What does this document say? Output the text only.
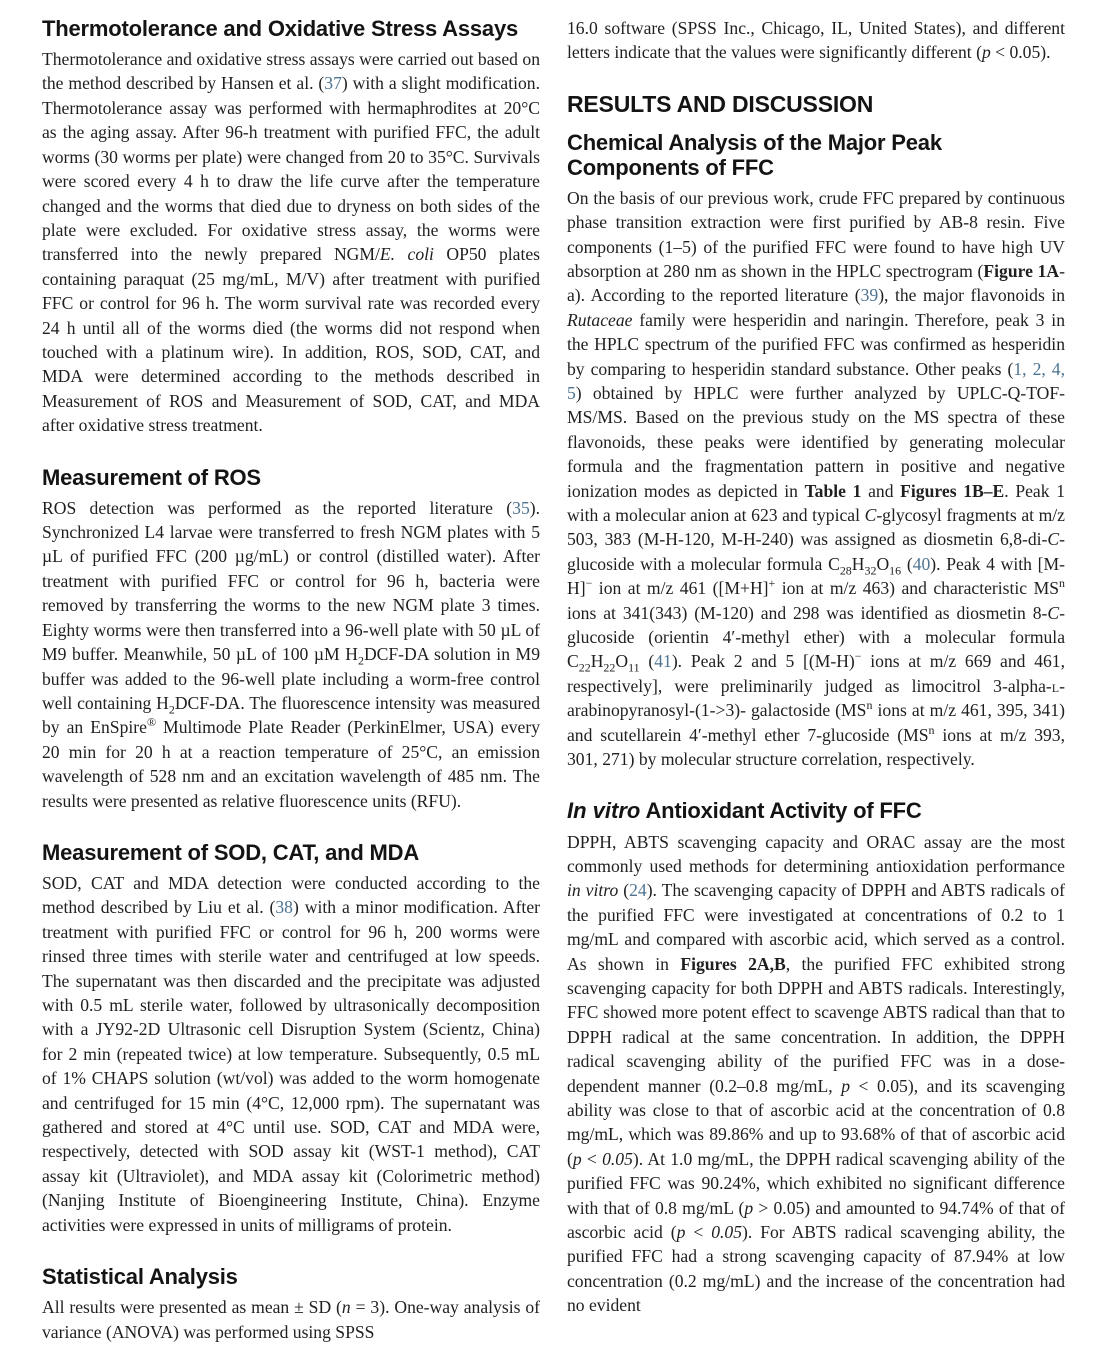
Thermotolerance and Oxidative Stress Assays

Thermotolerance and oxidative stress assays were carried out based on the method described by Hansen et al. (37) with a slight modification. Thermotolerance assay was performed with hermaphrodites at 20°C as the aging assay. After 96-h treatment with purified FFC, the adult worms (30 worms per plate) were changed from 20 to 35°C. Survivals were scored every 4 h to draw the life curve after the temperature changed and the worms that died due to dryness on both sides of the plate were excluded. For oxidative stress assay, the worms were transferred into the newly prepared NGM/E. coli OP50 plates containing paraquat (25 mg/mL, M/V) after treatment with purified FFC or control for 96 h. The worm survival rate was recorded every 24 h until all of the worms died (the worms did not respond when touched with a platinum wire). In addition, ROS, SOD, CAT, and MDA were determined according to the methods described in Measurement of ROS and Measurement of SOD, CAT, and MDA after oxidative stress treatment.

Measurement of ROS

ROS detection was performed as the reported literature (35). Synchronized L4 larvae were transferred to fresh NGM plates with 5 µL of purified FFC (200 µg/mL) or control (distilled water). After treatment with purified FFC or control for 96 h, bacteria were removed by transferring the worms to the new NGM plate 3 times. Eighty worms were then transferred into a 96-well plate with 50 µL of M9 buffer. Meanwhile, 50 µL of 100 µM $H_2DCF-DA$ solution in M9 buffer was added to the 96-well plate including a worm-free control well containing $H_2DCF-DA$. The fluorescence intensity was measured by an EnSpire® Multimode Plate Reader (PerkinElmer, USA) every 20 min for 20 h at a reaction temperature of 25°C, an emission wavelength of 528 nm and an excitation wavelength of 485 nm. The results were presented as relative fluorescence units (RFU).

Measurement of SOD, CAT, and MDA

SOD, CAT and MDA detection were conducted according to the method described by Liu et al. (38) with a minor modification. After treatment with purified FFC or control for 96 h, 200 worms were rinsed three times with sterile water and centrifuged at low speeds. The supernatant was then discarded and the precipitate was adjusted with 0.5 mL sterile water, followed by ultrasonically decomposition with a JY92-2D Ultrasonic cell Disruption System (Scientz, China) for 2 min (repeated twice) at low temperature. Subsequently, 0.5 mL of 1% CHAPS solution (wt/vol) was added to the worm homogenate and centrifuged for 15 min (4°C, 12,000 rpm). The supernatant was gathered and stored at 4°C until use. SOD, CAT and MDA were, respectively, detected with SOD assay kit (WST-1 method), CAT assay kit (Ultraviolet), and MDA assay kit (Colorimetric method) (Nanjing Institute of Bioengineering Institute, China). Enzyme activities were expressed in units of milligrams of protein.

Statistical Analysis

All results were presented as mean ± SD (n = 3). One-way analysis of variance (ANOVA) was performed using SPSS

16.0 software (SPSS Inc., Chicago, IL, United States), and different letters indicate that the values were significantly different (p < 0.05).

RESULTS AND DISCUSSION
Chemical Analysis of the Major Peak Components of FFC

On the basis of our previous work, crude FFC prepared by continuous phase transition extraction were first purified by AB-8 resin. Five components (1–5) of the purified FFC were found to have high UV absorption at 280 nm as shown in the HPLC spectrogram (Figure 1A-a). According to the reported literature (39), the major flavonoids in Rutaceae family were hesperidin and naringin. Therefore, peak 3 in the HPLC spectrum of the purified FFC was confirmed as hesperidin by comparing to hesperidin standard substance. Other peaks (1, 2, 4, 5) obtained by HPLC were further analyzed by UPLC-Q-TOF-MS/MS. Based on the previous study on the MS spectra of these flavonoids, these peaks were identified by generating molecular formula and the fragmentation pattern in positive and negative ionization modes as depicted in Table 1 and Figures 1B–E. Peak 1 with a molecular anion at 623 and typical C-glycosyl fragments at m/z 503, 383 (M-H-120, M-H-240) was assigned as diosmetin 6,8-di-C-glucoside with a molecular formula $C_{28}H_{32}O_{16}$ (40). Peak 4 with [M-H]− ion at m/z 461 ([M+H]+ ion at m/z 463) and characteristic $MS^n$ ions at 341(343) (M-120) and 298 was identified as diosmetin 8-C-glucoside (orientin 4′-methyl ether) with a molecular formula $C_{22}H_{22}O_{11}$ (41). Peak 2 and 5 [(M-H)− ions at m/z 669 and 461, respectively], were preliminarily judged as limocitrol 3-alpha-l-arabinopyranosyl-(1->3)- galactoside ($MS^n$ ions at m/z 461, 395, 341) and scutellarein 4′-methyl ether 7-glucoside ($MS^n$ ions at m/z 393, 301, 271) by molecular structure correlation, respectively.

In vitro Antioxidant Activity of FFC

DPPH, ABTS scavenging capacity and ORAC assay are the most commonly used methods for determining antioxidation performance in vitro (24). The scavenging capacity of DPPH and ABTS radicals of the purified FFC were investigated at concentrations of 0.2 to 1 mg/mL and compared with ascorbic acid, which served as a control. As shown in Figures 2A,B, the purified FFC exhibited strong scavenging capacity for both DPPH and ABTS radicals. Interestingly, FFC showed more potent effect to scavenge ABTS radical than that to DPPH radical at the same concentration. In addition, the DPPH radical scavenging ability of the purified FFC was in a dose-dependent manner (0.2–0.8 mg/mL, p < 0.05), and its scavenging ability was close to that of ascorbic acid at the concentration of 0.8 mg/mL, which was 89.86% and up to 93.68% of that of ascorbic acid (p < 0.05). At 1.0 mg/mL, the DPPH radical scavenging ability of the purified FFC was 90.24%, which exhibited no significant difference with that of 0.8 mg/mL (p > 0.05) and amounted to 94.74% of that of ascorbic acid (p < 0.05). For ABTS radical scavenging ability, the purified FFC had a strong scavenging capacity of 87.94% at low concentration (0.2 mg/mL) and the increase of the concentration had no evident
